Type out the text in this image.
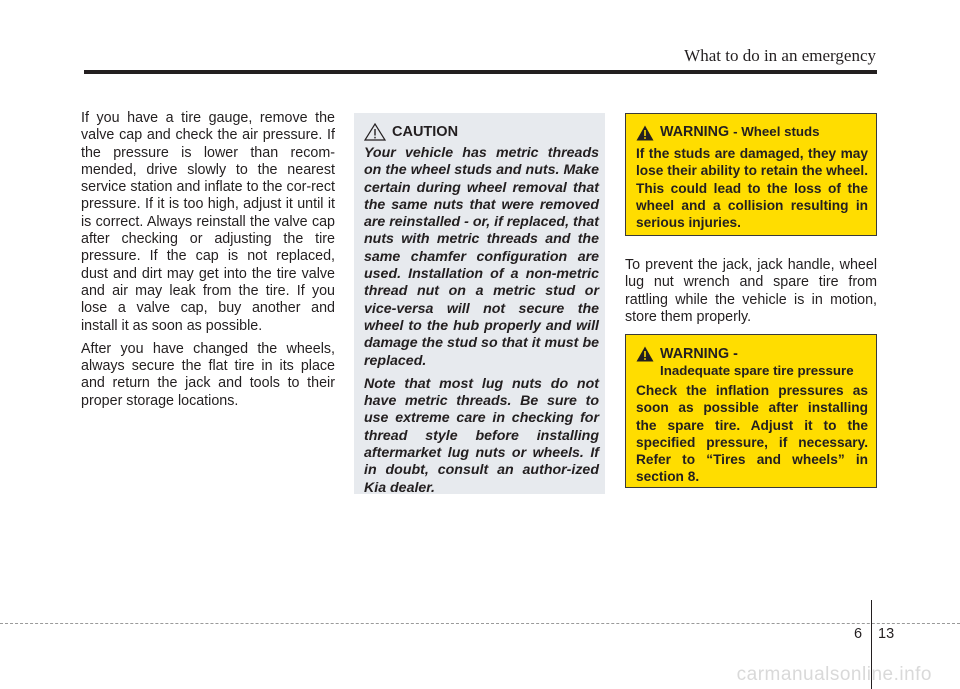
What to do in an emergency

If you have a tire gauge, remove the valve cap and check the air pressure. If the pressure is lower than recom-mended, drive slowly to the nearest service station and inflate to the cor-rect pressure. If it is too high, adjust it until it is correct. Always reinstall the valve cap after checking or adjusting the tire pressure. If the cap is not replaced, dust and dirt may get into the tire valve and air may leak from the tire. If you lose a valve cap, buy another and install it as soon as possible.

After you have changed the wheels, always secure the flat tire in its place and return the jack and tools to their proper storage locations.

CAUTION

Your vehicle has metric threads on the wheel studs and nuts. Make certain during wheel removal that the same nuts that were removed are reinstalled - or, if replaced, that nuts with metric threads and the same chamfer configuration are used. Installation of a non-metric thread nut on a metric stud or vice-versa will not secure the wheel to the hub properly and will damage the stud so that it must be replaced.

Note that most lug nuts do not have metric threads. Be sure to use extreme care in checking for thread style before installing aftermarket lug nuts or wheels. If in doubt, consult an author-ized Kia dealer.

WARNING - Wheel studs
If the studs are damaged, they may lose their ability to retain the wheel. This could lead to the loss of the wheel and a collision resulting in serious injuries.

To prevent the jack, jack handle, wheel lug nut wrench and spare tire from rattling while the vehicle is in motion, store them properly.

WARNING -
Inadequate spare tire pressure
Check the inflation pressures as soon as possible after installing the spare tire. Adjust it to the specified pressure, if necessary. Refer to “Tires and wheels” in section 8.
6 13
carmanualsonline.info
